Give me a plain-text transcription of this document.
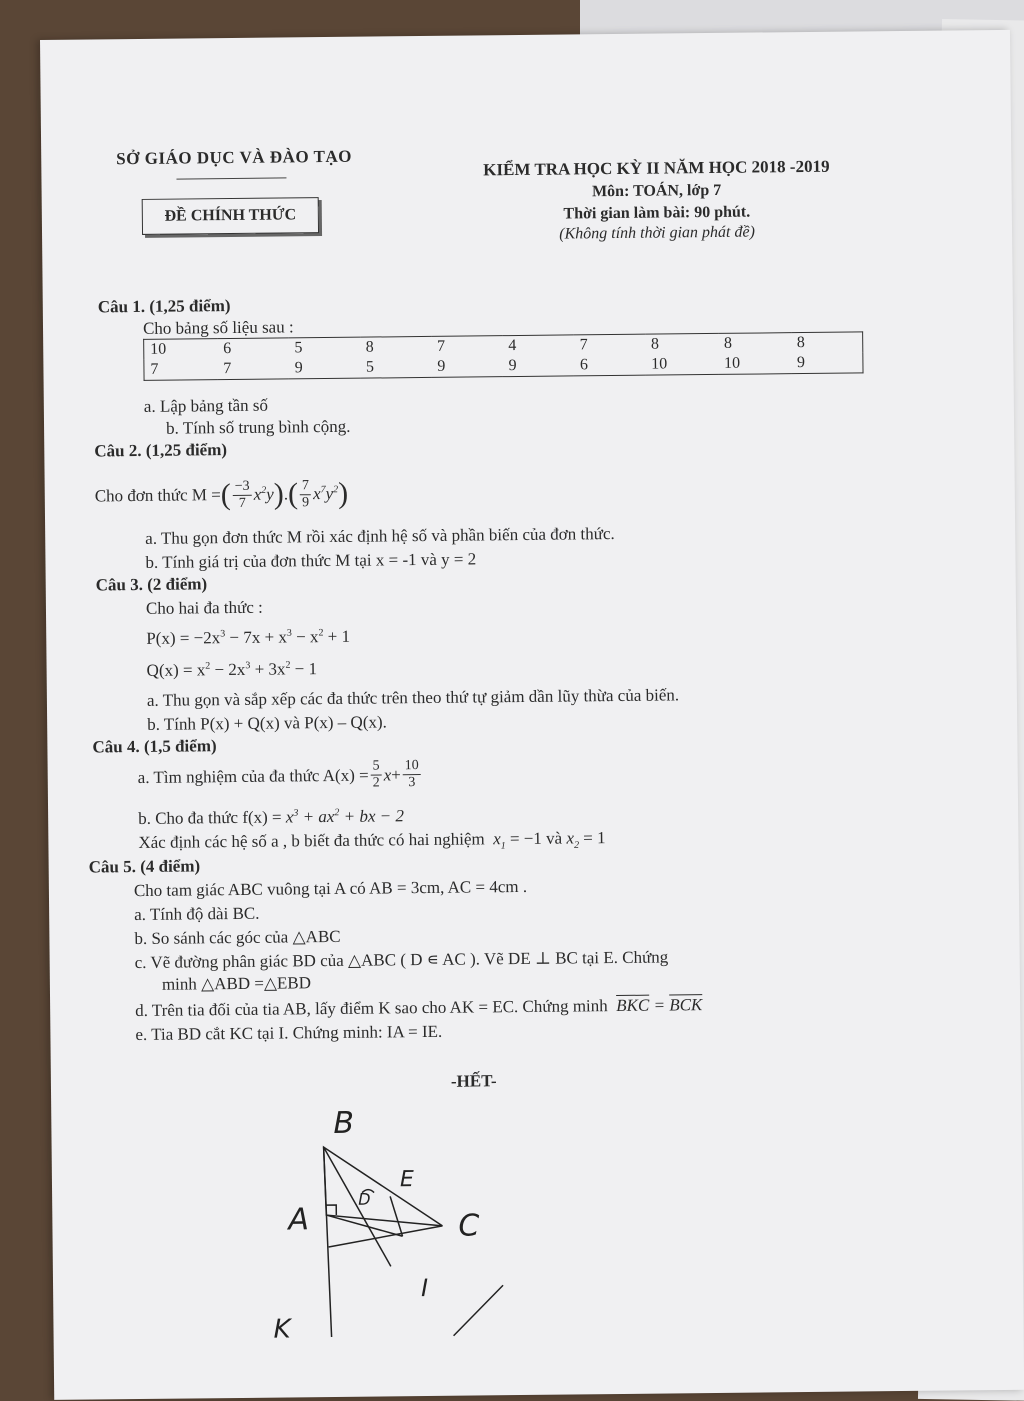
SỞ GIÁO DỤC VÀ ĐÀO TẠO
ĐỀ CHÍNH THỨC
KIỂM TRA HỌC KỲ II NĂM HỌC 2018 -2019
Môn: TOÁN, lớp 7
Thời gian làm bài: 90 phút.
(Không tính thời gian phát đề)
Câu 1. (1,25 điểm)
Cho bảng số liệu sau :
10	6	5	8	7	4	7	8	8	8
7	7	9	5	9	9	6	10	10	9
a. Lập bảng tần số
b. Tính số trung bình cộng.
Câu 2. (1,25 điểm)
Cho đơn thức M = ( $\frac{-3}{7} x^2y$ ) . ( $\frac{7}{9} x^7y^2$ )
a. Thu gọn đơn thức M rồi xác định hệ số và phần biến của đơn thức.
b. Tính giá trị của đơn thức M tại x = -1 và y = 2
Câu 3. (2 điểm)
Cho hai đa thức :
$P(x) = -2x^3 - 7x + x^3 - x^2 + 1$
$Q(x) = x^2 - 2x^3 + 3x^2 - 1$
a. Thu gọn và sắp xếp các đa thức trên theo thứ tự giảm dần lũy thừa của biến.
b. Tính P(x) + Q(x) và P(x) – Q(x).
Câu 4. (1,5 điểm)
a. Tìm nghiệm của đa thức $A(x) = \frac{5}{2}$ $x + \frac{10}{3}$
b. Cho đa thức $f(x) = x^3 + ax^2$ + bx − 2
Xác định các hệ số a , b biết đa thức có hai nghiệm $x_1 = -1$ và $x_2 = 1$
Câu 5. (4 điểm)
Cho tam giác ABC vuông tại A có AB = 3cm, AC = 4cm .
a. Tính độ dài BC.
b. So sánh các góc của △ABC
c. Vẽ đường phân giác BD của △ABC ( D ∊ AC ). Vẽ DE ⊥ BC tại E. Chứng
minh △ABD =△EBD
d. Trên tia đối của tia AB, lấy điểm K sao cho AK = EC. Chứng minh $\overline{BKC} = \overline{BCK}$
e. Tia BD cắt KC tại I. Chứng minh: IA = IE.
-HẾT-
B
E
A	C
D
I
K
